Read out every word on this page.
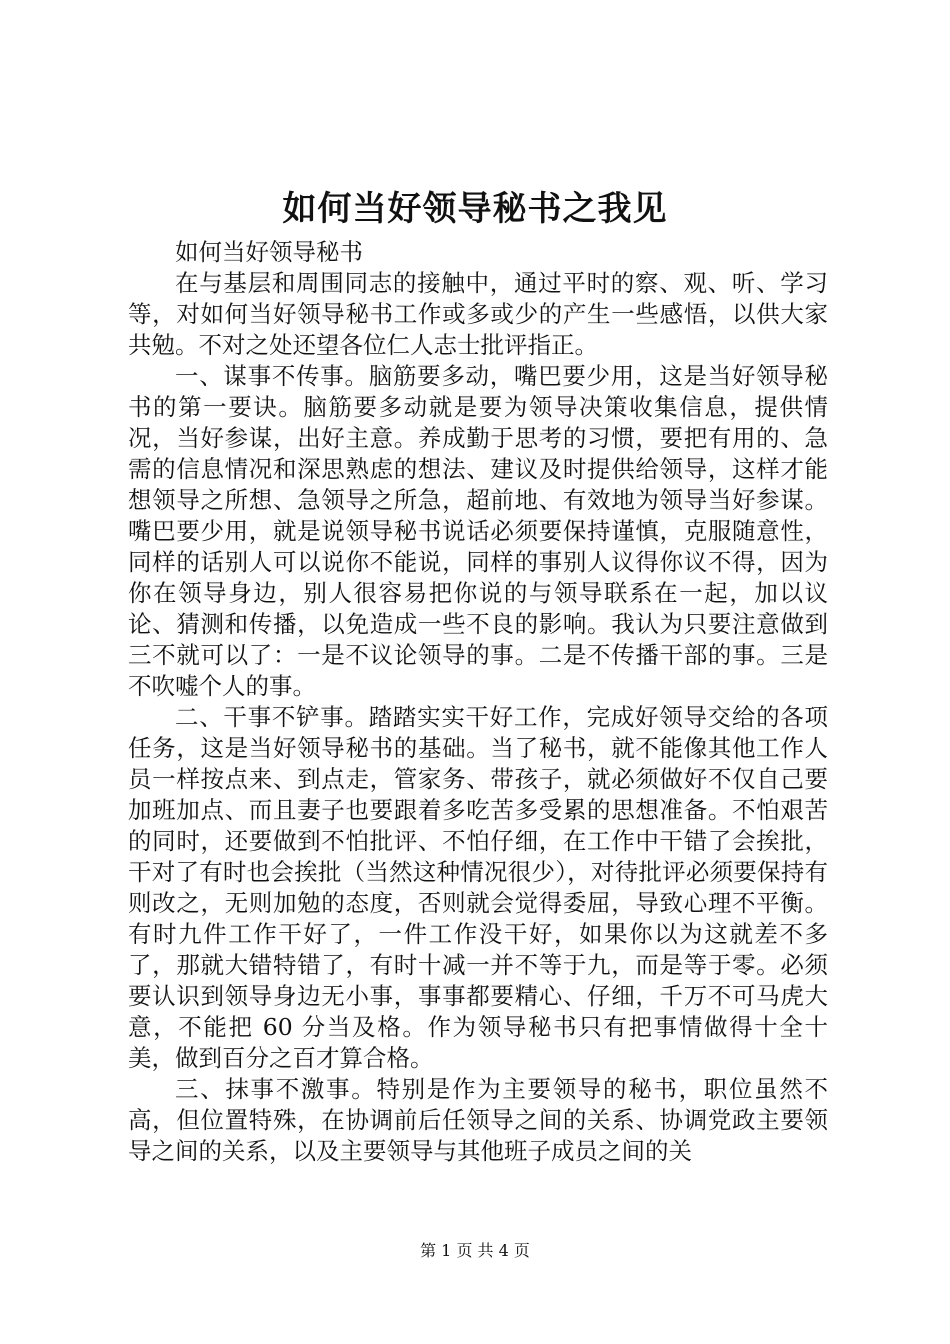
如何当好领导秘书之我见

如何当好领导秘书

在与基层和周围同志的接触中，通过平时的察、观、听、学习等，对如何当好领导秘书工作或多或少的产生一些感悟，以供大家共勉。不对之处还望各位仁人志士批评指正。

一、谋事不传事。脑筋要多动，嘴巴要少用，这是当好领导秘书的第一要诀。脑筋要多动就是要为领导决策收集信息，提供情况，当好参谋，出好主意。养成勤于思考的习惯，要把有用的、急需的信息情况和深思熟虑的想法、建议及时提供给领导，这样才能想领导之所想、急领导之所急，超前地、有效地为领导当好参谋。嘴巴要少用，就是说领导秘书说话必须要保持谨慎，克服随意性，同样的话别人可以说你不能说，同样的事别人议得你议不得，因为你在领导身边，别人很容易把你说的与领导联系在一起，加以议论、猜测和传播，以免造成一些不良的影响。我认为只要注意做到三不就可以了：一是不议论领导的事。二是不传播干部的事。三是不吹嘘个人的事。

二、干事不铲事。踏踏实实干好工作，完成好领导交给的各项任务，这是当好领导秘书的基础。当了秘书，就不能像其他工作人员一样按点来、到点走，管家务、带孩子，就必须做好不仅自己要加班加点、而且妻子也要跟着多吃苦多受累的思想准备。不怕艰苦的同时，还要做到不怕批评、不怕仔细，在工作中干错了会挨批，干对了有时也会挨批（当然这种情况很少），对待批评必须要保持有则改之，无则加勉的态度，否则就会觉得委屈，导致心理不平衡。有时九件工作干好了，一件工作没干好，如果你以为这就差不多了，那就大错特错了，有时十减一并不等于九，而是等于零。必须要认识到领导身边无小事，事事都要精心、仔细，千万不可马虎大意，不能把 60 分当及格。作为领导秘书只有把事情做得十全十美，做到百分之百才算合格。

三、抹事不激事。特别是作为主要领导的秘书，职位虽然不高，但位置特殊，在协调前后任领导之间的关系、协调党政主要领导之间的关系，以及主要领导与其他班子成员之间的关

第 1 页 共 4 页
